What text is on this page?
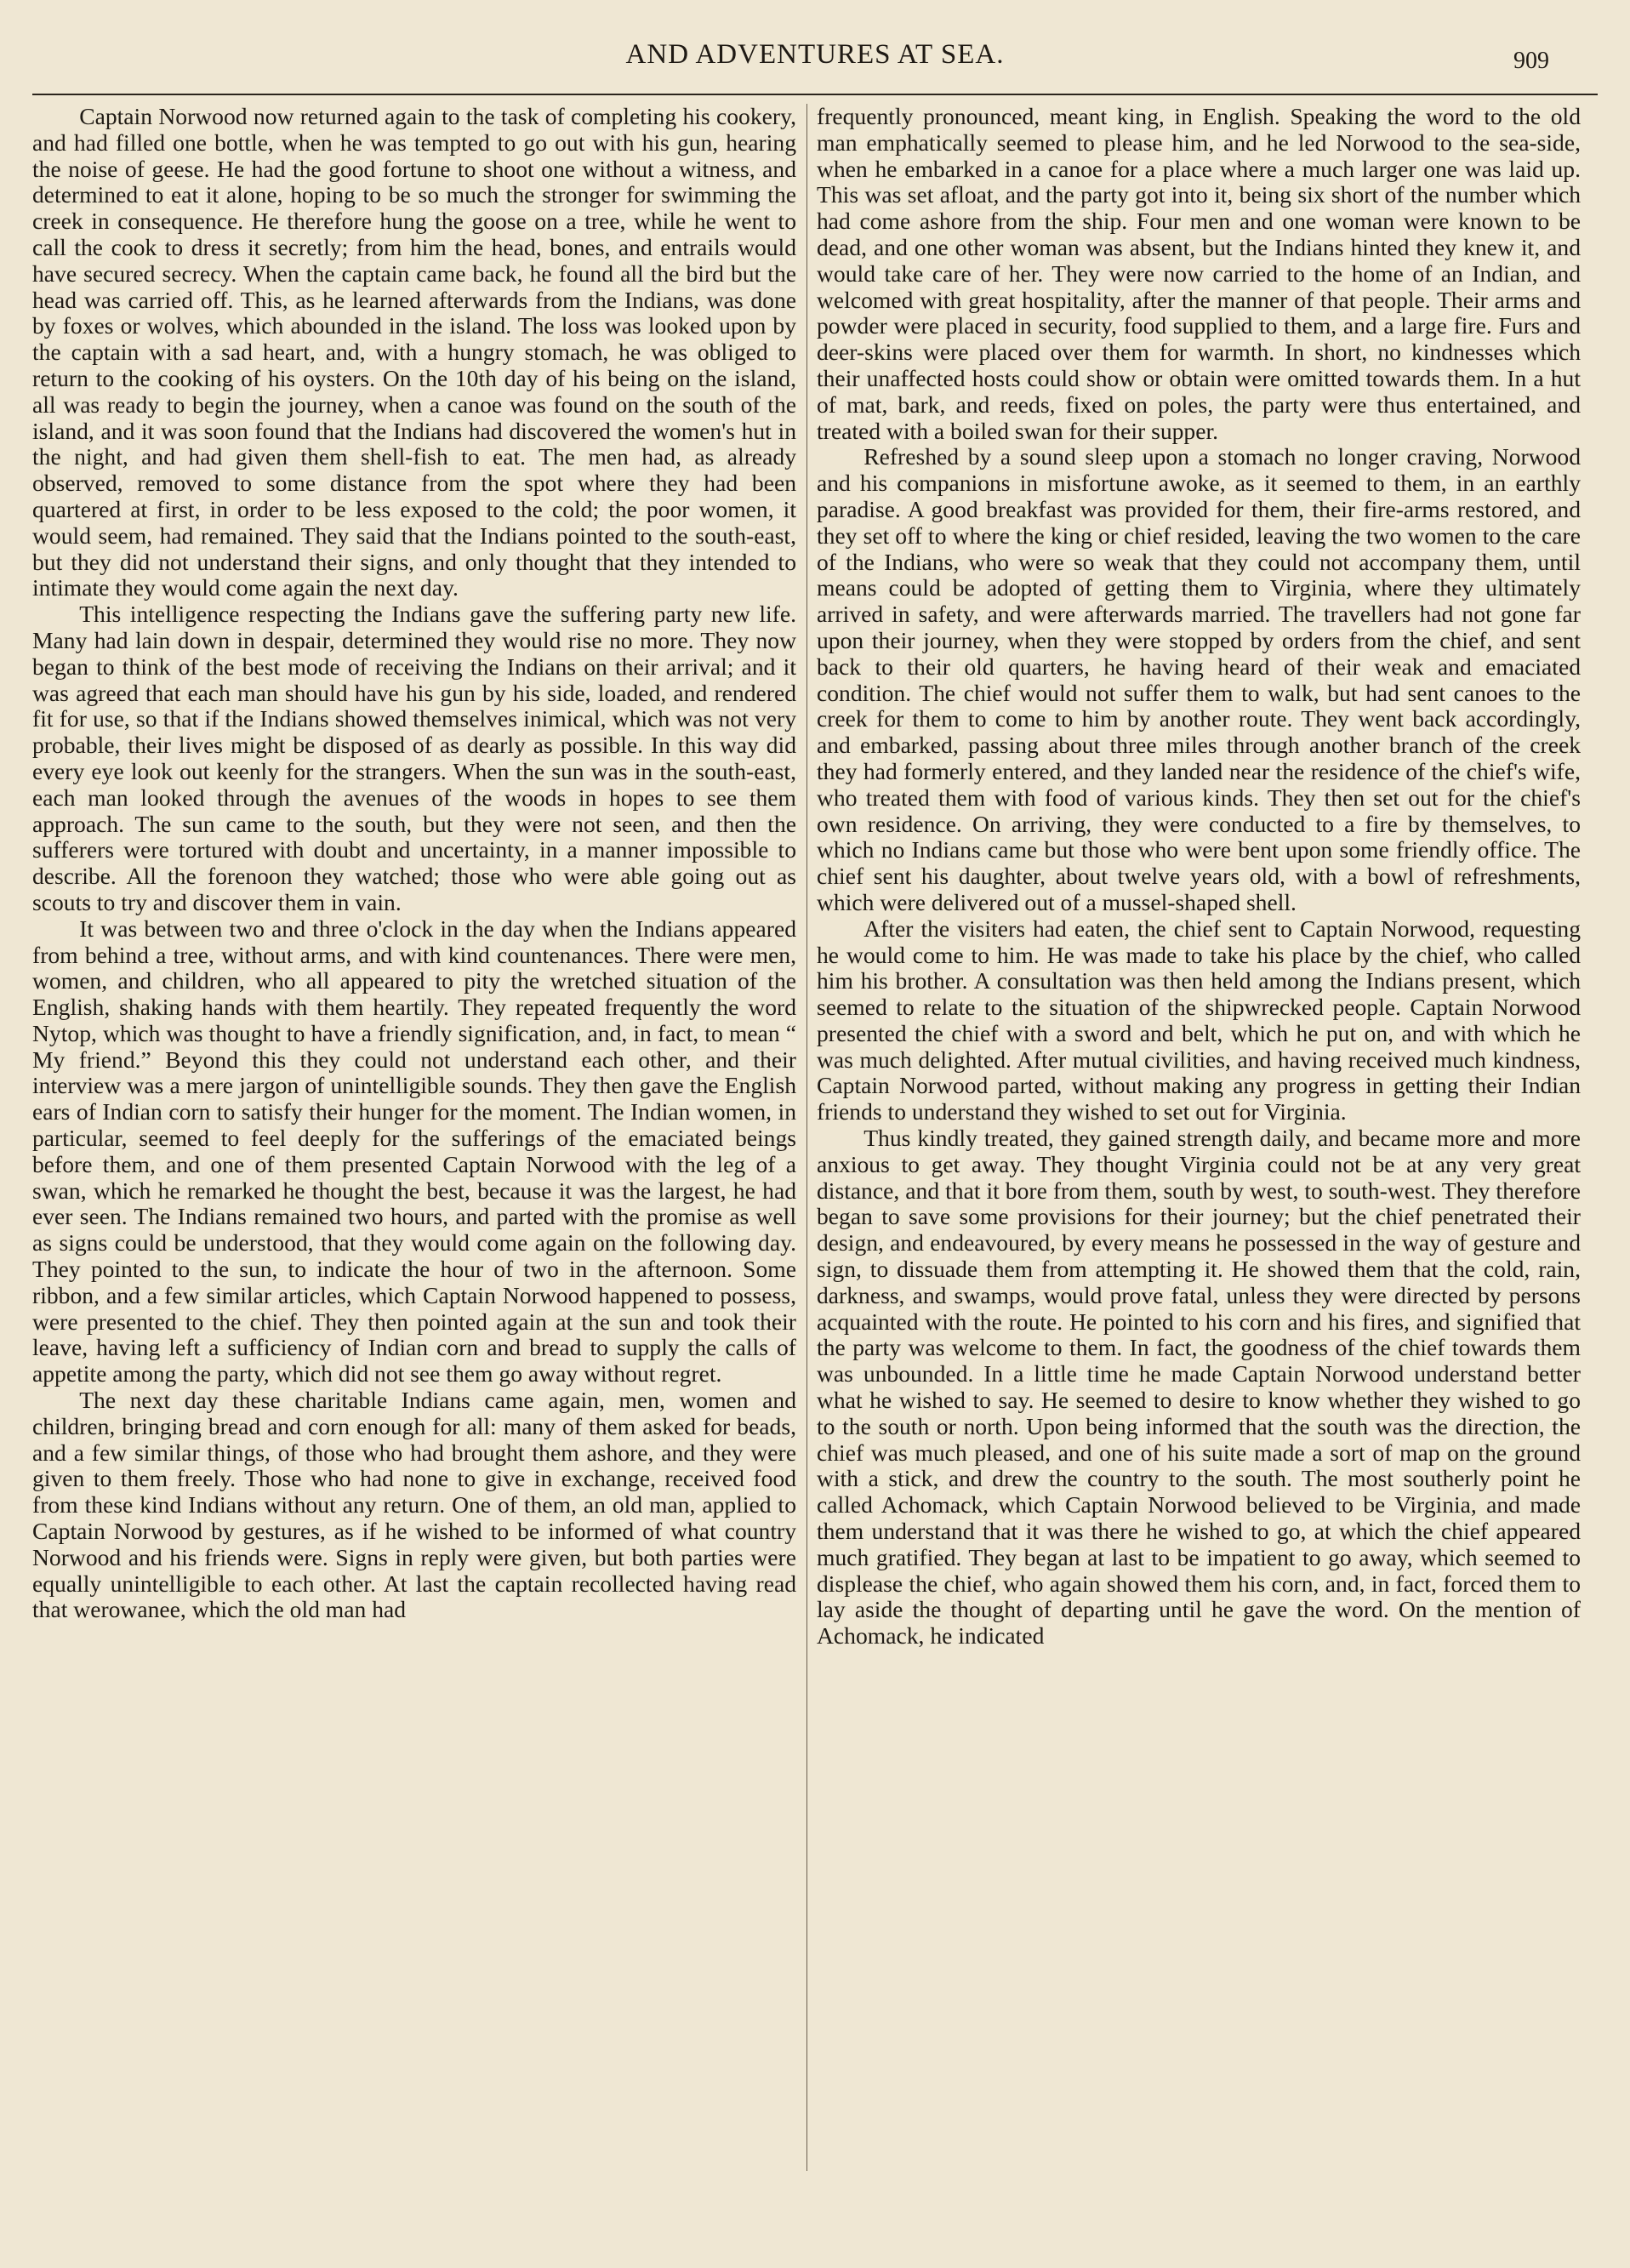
AND ADVENTURES AT SEA.	909

Captain Norwood now returned again to the task of completing his cookery, and had filled one bottle, when he was tempted to go out with his gun, hearing the noise of geese. He had the good fortune to shoot one without a witness, and determined to eat it alone, hoping to be so much the stronger for swimming the creek in consequence. He therefore hung the goose on a tree, while he went to call the cook to dress it secretly; from him the head, bones, and entrails would have secured secrecy. When the captain came back, he found all the bird but the head was carried off. This, as he learned afterwards from the Indians, was done by foxes or wolves, which abounded in the island. The loss was looked upon by the captain with a sad heart, and, with a hungry stomach, he was obliged to return to the cooking of his oysters. On the 10th day of his being on the island, all was ready to begin the journey, when a canoe was found on the south of the island, and it was soon found that the Indians had discovered the women's hut in the night, and had given them shell-fish to eat. The men had, as already observed, removed to some distance from the spot where they had been quartered at first, in order to be less exposed to the cold; the poor women, it would seem, had remained. They said that the Indians pointed to the south-east, but they did not understand their signs, and only thought that they intended to intimate they would come again the next day.

This intelligence respecting the Indians gave the suffering party new life. Many had lain down in despair, determined they would rise no more. They now began to think of the best mode of receiving the Indians on their arrival; and it was agreed that each man should have his gun by his side, loaded, and rendered fit for use, so that if the Indians showed themselves inimical, which was not very probable, their lives might be disposed of as dearly as possible. In this way did every eye look out keenly for the strangers. When the sun was in the south-east, each man looked through the avenues of the woods in hopes to see them approach. The sun came to the south, but they were not seen, and then the sufferers were tortured with doubt and uncertainty, in a manner impossible to describe. All the forenoon they watched; those who were able going out as scouts to try and discover them in vain.

It was between two and three o'clock in the day when the Indians appeared from behind a tree, without arms, and with kind countenances. There were men, women, and children, who all appeared to pity the wretched situation of the English, shaking hands with them heartily. They repeated frequently the word Nytop, which was thought to have a friendly signification, and, in fact, to mean “ My friend.” Beyond this they could not understand each other, and their interview was a mere jargon of unintelligible sounds. They then gave the English ears of Indian corn to satisfy their hunger for the moment. The Indian women, in particular, seemed to feel deeply for the sufferings of the emaciated beings before them, and one of them presented Captain Norwood with the leg of a swan, which he remarked he thought the best, because it was the largest, he had ever seen. The Indians remained two hours, and parted with the promise as well as signs could be understood, that they would come again on the following day. They pointed to the sun, to indicate the hour of two in the afternoon. Some ribbon, and a few similar articles, which Captain Norwood happened to possess, were presented to the chief. They then pointed again at the sun and took their leave, having left a sufficiency of Indian corn and bread to supply the calls of appetite among the party, which did not see them go away without regret.

The next day these charitable Indians came again, men, women and children, bringing bread and corn enough for all: many of them asked for beads, and a few similar things, of those who had brought them ashore, and they were given to them freely. Those who had none to give in exchange, received food from these kind Indians without any return. One of them, an old man, applied to Captain Norwood by gestures, as if he wished to be informed of what country Norwood and his friends were. Signs in reply were given, but both parties were equally unintelligible to each other. At last the captain recollected having read that werowanee, which the old man had

frequently pronounced, meant king, in English. Speaking the word to the old man emphatically seemed to please him, and he led Norwood to the sea-side, when he embarked in a canoe for a place where a much larger one was laid up. This was set afloat, and the party got into it, being six short of the number which had come ashore from the ship. Four men and one woman were known to be dead, and one other woman was absent, but the Indians hinted they knew it, and would take care of her. They were now carried to the home of an Indian, and welcomed with great hospitality, after the manner of that people. Their arms and powder were placed in security, food supplied to them, and a large fire. Furs and deer-skins were placed over them for warmth. In short, no kindnesses which their unaffected hosts could show or obtain were omitted towards them. In a hut of mat, bark, and reeds, fixed on poles, the party were thus entertained, and treated with a boiled swan for their supper.

Refreshed by a sound sleep upon a stomach no longer craving, Norwood and his companions in misfortune awoke, as it seemed to them, in an earthly paradise. A good breakfast was provided for them, their fire-arms restored, and they set off to where the king or chief resided, leaving the two women to the care of the Indians, who were so weak that they could not accompany them, until means could be adopted of getting them to Virginia, where they ultimately arrived in safety, and were afterwards married. The travellers had not gone far upon their journey, when they were stopped by orders from the chief, and sent back to their old quarters, he having heard of their weak and emaciated condition. The chief would not suffer them to walk, but had sent canoes to the creek for them to come to him by another route. They went back accordingly, and embarked, passing about three miles through another branch of the creek they had formerly entered, and they landed near the residence of the chief's wife, who treated them with food of various kinds. They then set out for the chief's own residence. On arriving, they were conducted to a fire by themselves, to which no Indians came but those who were bent upon some friendly office. The chief sent his daughter, about twelve years old, with a bowl of refreshments, which were delivered out of a mussel-shaped shell.

After the visiters had eaten, the chief sent to Captain Norwood, requesting he would come to him. He was made to take his place by the chief, who called him his brother. A consultation was then held among the Indians present, which seemed to relate to the situation of the shipwrecked people. Captain Norwood presented the chief with a sword and belt, which he put on, and with which he was much delighted. After mutual civilities, and having received much kindness, Captain Norwood parted, without making any progress in getting their Indian friends to understand they wished to set out for Virginia.

Thus kindly treated, they gained strength daily, and became more and more anxious to get away. They thought Virginia could not be at any very great distance, and that it bore from them, south by west, to south-west. They therefore began to save some provisions for their journey; but the chief penetrated their design, and endeavoured, by every means he possessed in the way of gesture and sign, to dissuade them from attempting it. He showed them that the cold, rain, darkness, and swamps, would prove fatal, unless they were directed by persons acquainted with the route. He pointed to his corn and his fires, and signified that the party was welcome to them. In fact, the goodness of the chief towards them was unbounded. In a little time he made Captain Norwood understand better what he wished to say. He seemed to desire to know whether they wished to go to the south or north. Upon being informed that the south was the direction, the chief was much pleased, and one of his suite made a sort of map on the ground with a stick, and drew the country to the south. The most southerly point he called Achomack, which Captain Norwood believed to be Virginia, and made them understand that it was there he wished to go, at which the chief appeared much gratified. They began at last to be impatient to go away, which seemed to displease the chief, who again showed them his corn, and, in fact, forced them to lay aside the thought of departing until he gave the word. On the mention of Achomack, he indicated
